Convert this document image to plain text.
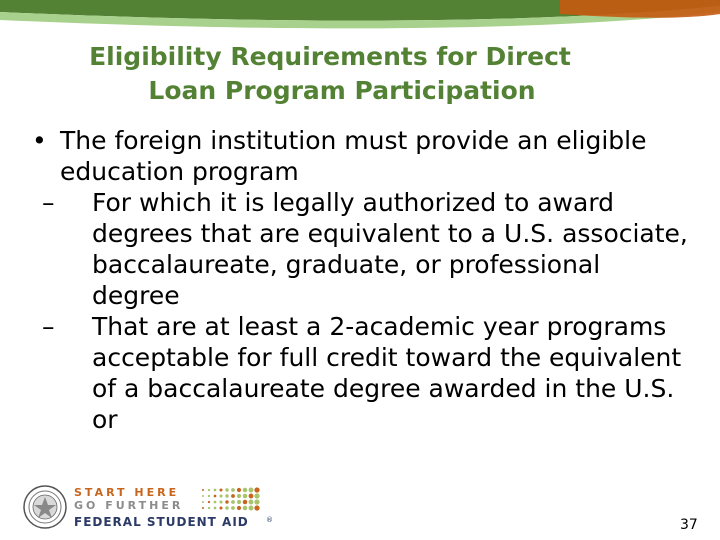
Eligibility Requirements for Direct
Loan Program Participation
• The foreign institution must provide an eligible education program
– For which it is legally authorized to award degrees that are equivalent to a U.S. associate, baccalaureate, graduate, or professional degree
– That are at least a 2-academic year programs acceptable for full credit toward the equivalent of a baccalaureate degree awarded in the U.S. or
START HERE
GO FURTHER
FEDERAL STUDENT AID ®	37
